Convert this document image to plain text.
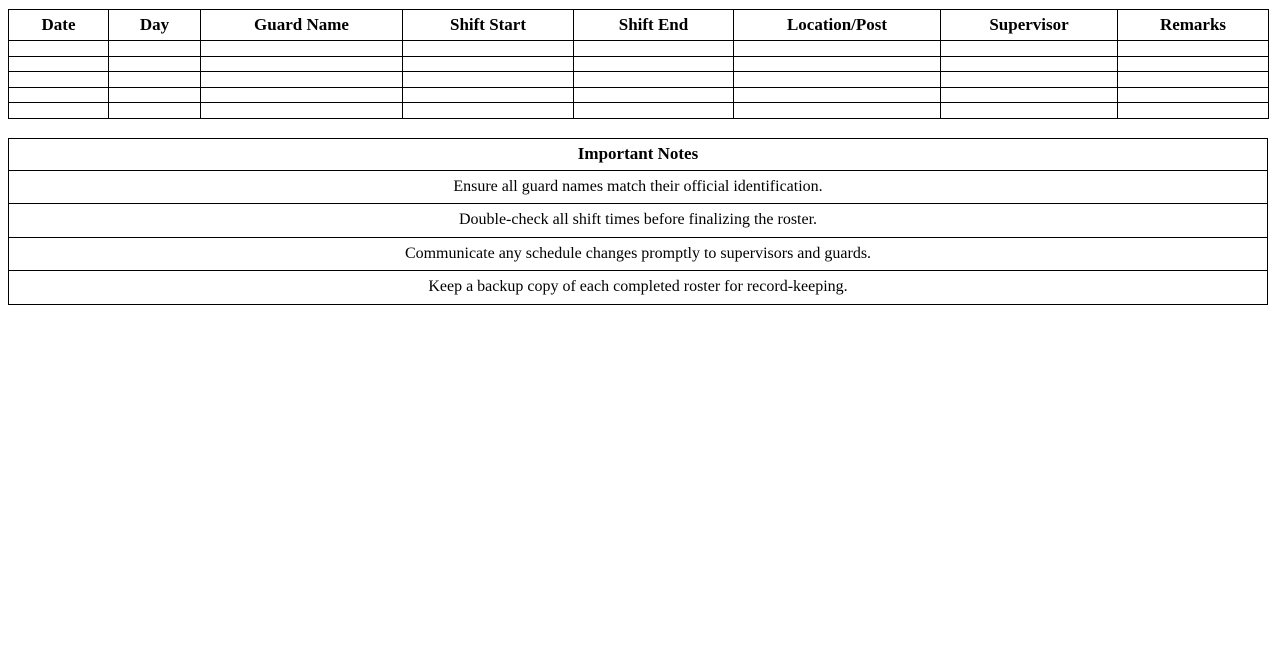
Date	Day	Guard Name	Shift Start	Shift End	Location/Post	Supervisor	Remarks

Important Notes
Ensure all guard names match their official identification.
Double-check all shift times before finalizing the roster.
Communicate any schedule changes promptly to supervisors and guards.
Keep a backup copy of each completed roster for record-keeping.
